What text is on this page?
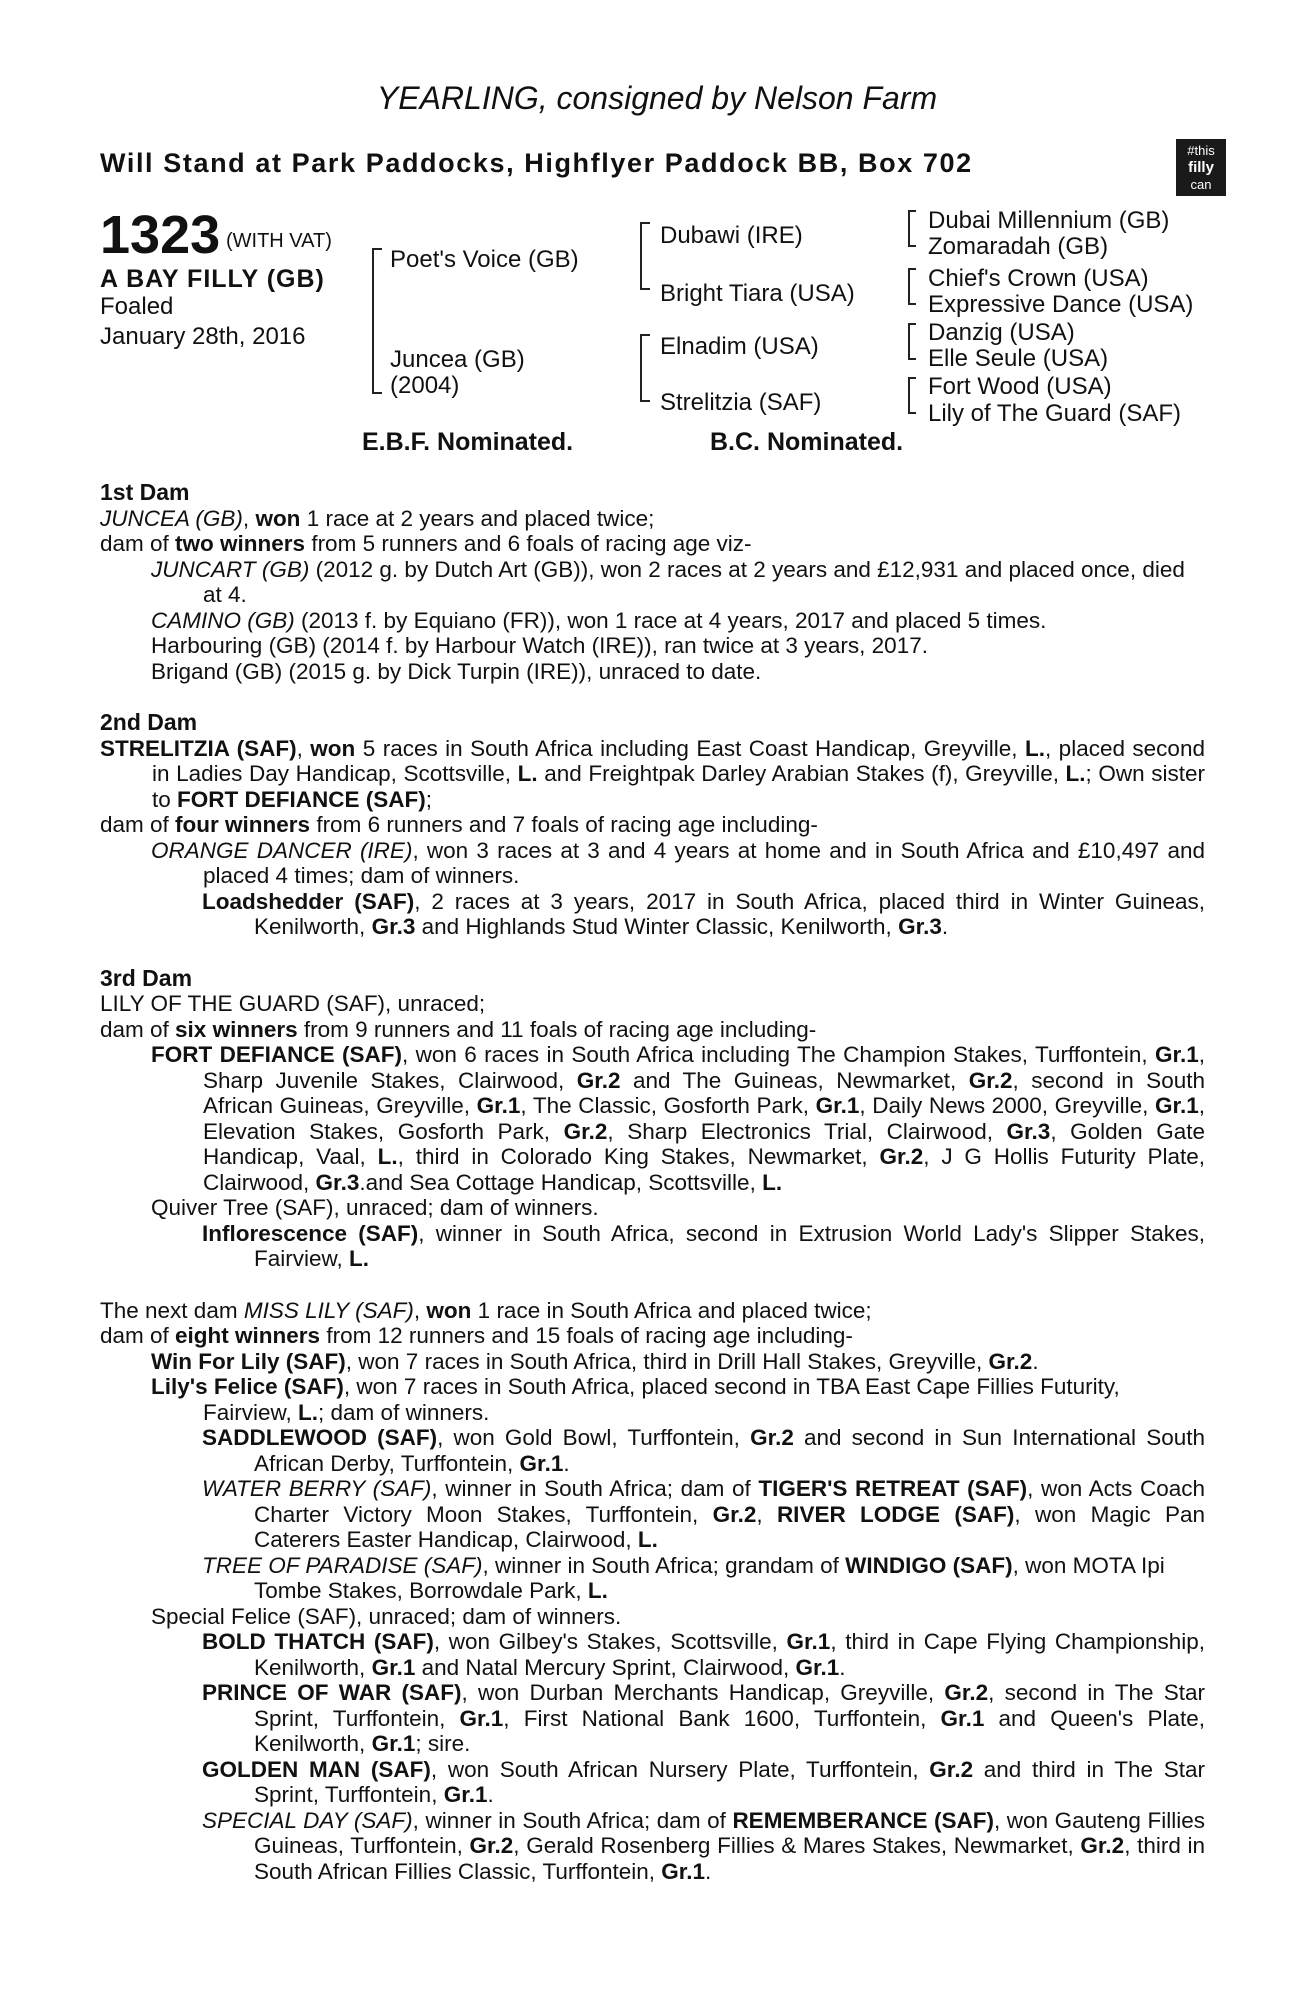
YEARLING, consigned by Nelson Farm
Will Stand at Park Paddocks, Highflyer Paddock BB, Box 702	#this
filly
can
1323 (WITH VAT)
A BAY FILLY (GB)
Foaled
January 28th, 2016
Poet's Voice (GB)
Juncea (GB)
(2004)
Dubawi (IRE)
Bright Tiara (USA)
Elnadim (USA)
Strelitzia (SAF)
Dubai Millennium (GB)
Zomaradah (GB)
Chief's Crown (USA)
Expressive Dance (USA)
Danzig (USA)
Elle Seule (USA)
Fort Wood (USA)
Lily of The Guard (SAF)
E.B.F. Nominated.	B.C. Nominated.
1st Dam

JUNCEA (GB), won 1 race at 2 years and placed twice;

dam of two winners from 5 runners and 6 foals of racing age viz-

JUNCART (GB) (2012 g. by Dutch Art (GB)), won 2 races at 2 years and £12,931 and placed once, died at 4.

CAMINO (GB) (2013 f. by Equiano (FR)), won 1 race at 4 years, 2017 and placed 5 times.

Harbouring (GB) (2014 f. by Harbour Watch (IRE)), ran twice at 3 years, 2017.

Brigand (GB) (2015 g. by Dick Turpin (IRE)), unraced to date.

2nd Dam

STRELITZIA (SAF), won 5 races in South Africa including East Coast Handicap, Greyville, L., placed second in Ladies Day Handicap, Scottsville, L. and Freightpak Darley Arabian Stakes (f), Greyville, L.; Own sister to FORT DEFIANCE (SAF);

dam of four winners from 6 runners and 7 foals of racing age including-

ORANGE DANCER (IRE), won 3 races at 3 and 4 years at home and in South Africa and £10,497 and placed 4 times; dam of winners.

Loadshedder (SAF), 2 races at 3 years, 2017 in South Africa, placed third in Winter Guineas, Kenilworth, Gr.3 and Highlands Stud Winter Classic, Kenilworth, Gr.3.

3rd Dam

LILY OF THE GUARD (SAF), unraced;

dam of six winners from 9 runners and 11 foals of racing age including-

FORT DEFIANCE (SAF), won 6 races in South Africa including The Champion Stakes, Turffontein, Gr.1, Sharp Juvenile Stakes, Clairwood, Gr.2 and The Guineas, Newmarket, Gr.2, second in South African Guineas, Greyville, Gr.1, The Classic, Gosforth Park, Gr.1, Daily News 2000, Greyville, Gr.1, Elevation Stakes, Gosforth Park, Gr.2, Sharp Electronics Trial, Clairwood, Gr.3, Golden Gate Handicap, Vaal, L., third in Colorado King Stakes, Newmarket, Gr.2, J G Hollis Futurity Plate, Clairwood, Gr.3.and Sea Cottage Handicap, Scottsville, L.

Quiver Tree (SAF), unraced; dam of winners.

Inflorescence (SAF), winner in South Africa, second in Extrusion World Lady's Slipper Stakes, Fairview, L.

The next dam MISS LILY (SAF), won 1 race in South Africa and placed twice;

dam of eight winners from 12 runners and 15 foals of racing age including-

Win For Lily (SAF), won 7 races in South Africa, third in Drill Hall Stakes, Greyville, Gr.2.

Lily's Felice (SAF), won 7 races in South Africa, placed second in TBA East Cape Fillies Futurity, Fairview, L.; dam of winners.

SADDLEWOOD (SAF), won Gold Bowl, Turffontein, Gr.2 and second in Sun International South African Derby, Turffontein, Gr.1.

WATER BERRY (SAF), winner in South Africa; dam of TIGER'S RETREAT (SAF), won Acts Coach Charter Victory Moon Stakes, Turffontein, Gr.2, RIVER LODGE (SAF), won Magic Pan Caterers Easter Handicap, Clairwood, L.

TREE OF PARADISE (SAF), winner in South Africa; grandam of WINDIGO (SAF), won MOTA Ipi Tombe Stakes, Borrowdale Park, L.

Special Felice (SAF), unraced; dam of winners.

BOLD THATCH (SAF), won Gilbey's Stakes, Scottsville, Gr.1, third in Cape Flying Championship, Kenilworth, Gr.1 and Natal Mercury Sprint, Clairwood, Gr.1.

PRINCE OF WAR (SAF), won Durban Merchants Handicap, Greyville, Gr.2, second in The Star Sprint, Turffontein, Gr.1, First National Bank 1600, Turffontein, Gr.1 and Queen's Plate, Kenilworth, Gr.1; sire.

GOLDEN MAN (SAF), won South African Nursery Plate, Turffontein, Gr.2 and third in The Star Sprint, Turffontein, Gr.1.

SPECIAL DAY (SAF), winner in South Africa; dam of REMEMBERANCE (SAF), won Gauteng Fillies Guineas, Turffontein, Gr.2, Gerald Rosenberg Fillies & Mares Stakes, Newmarket, Gr.2, third in South African Fillies Classic, Turffontein, Gr.1.
